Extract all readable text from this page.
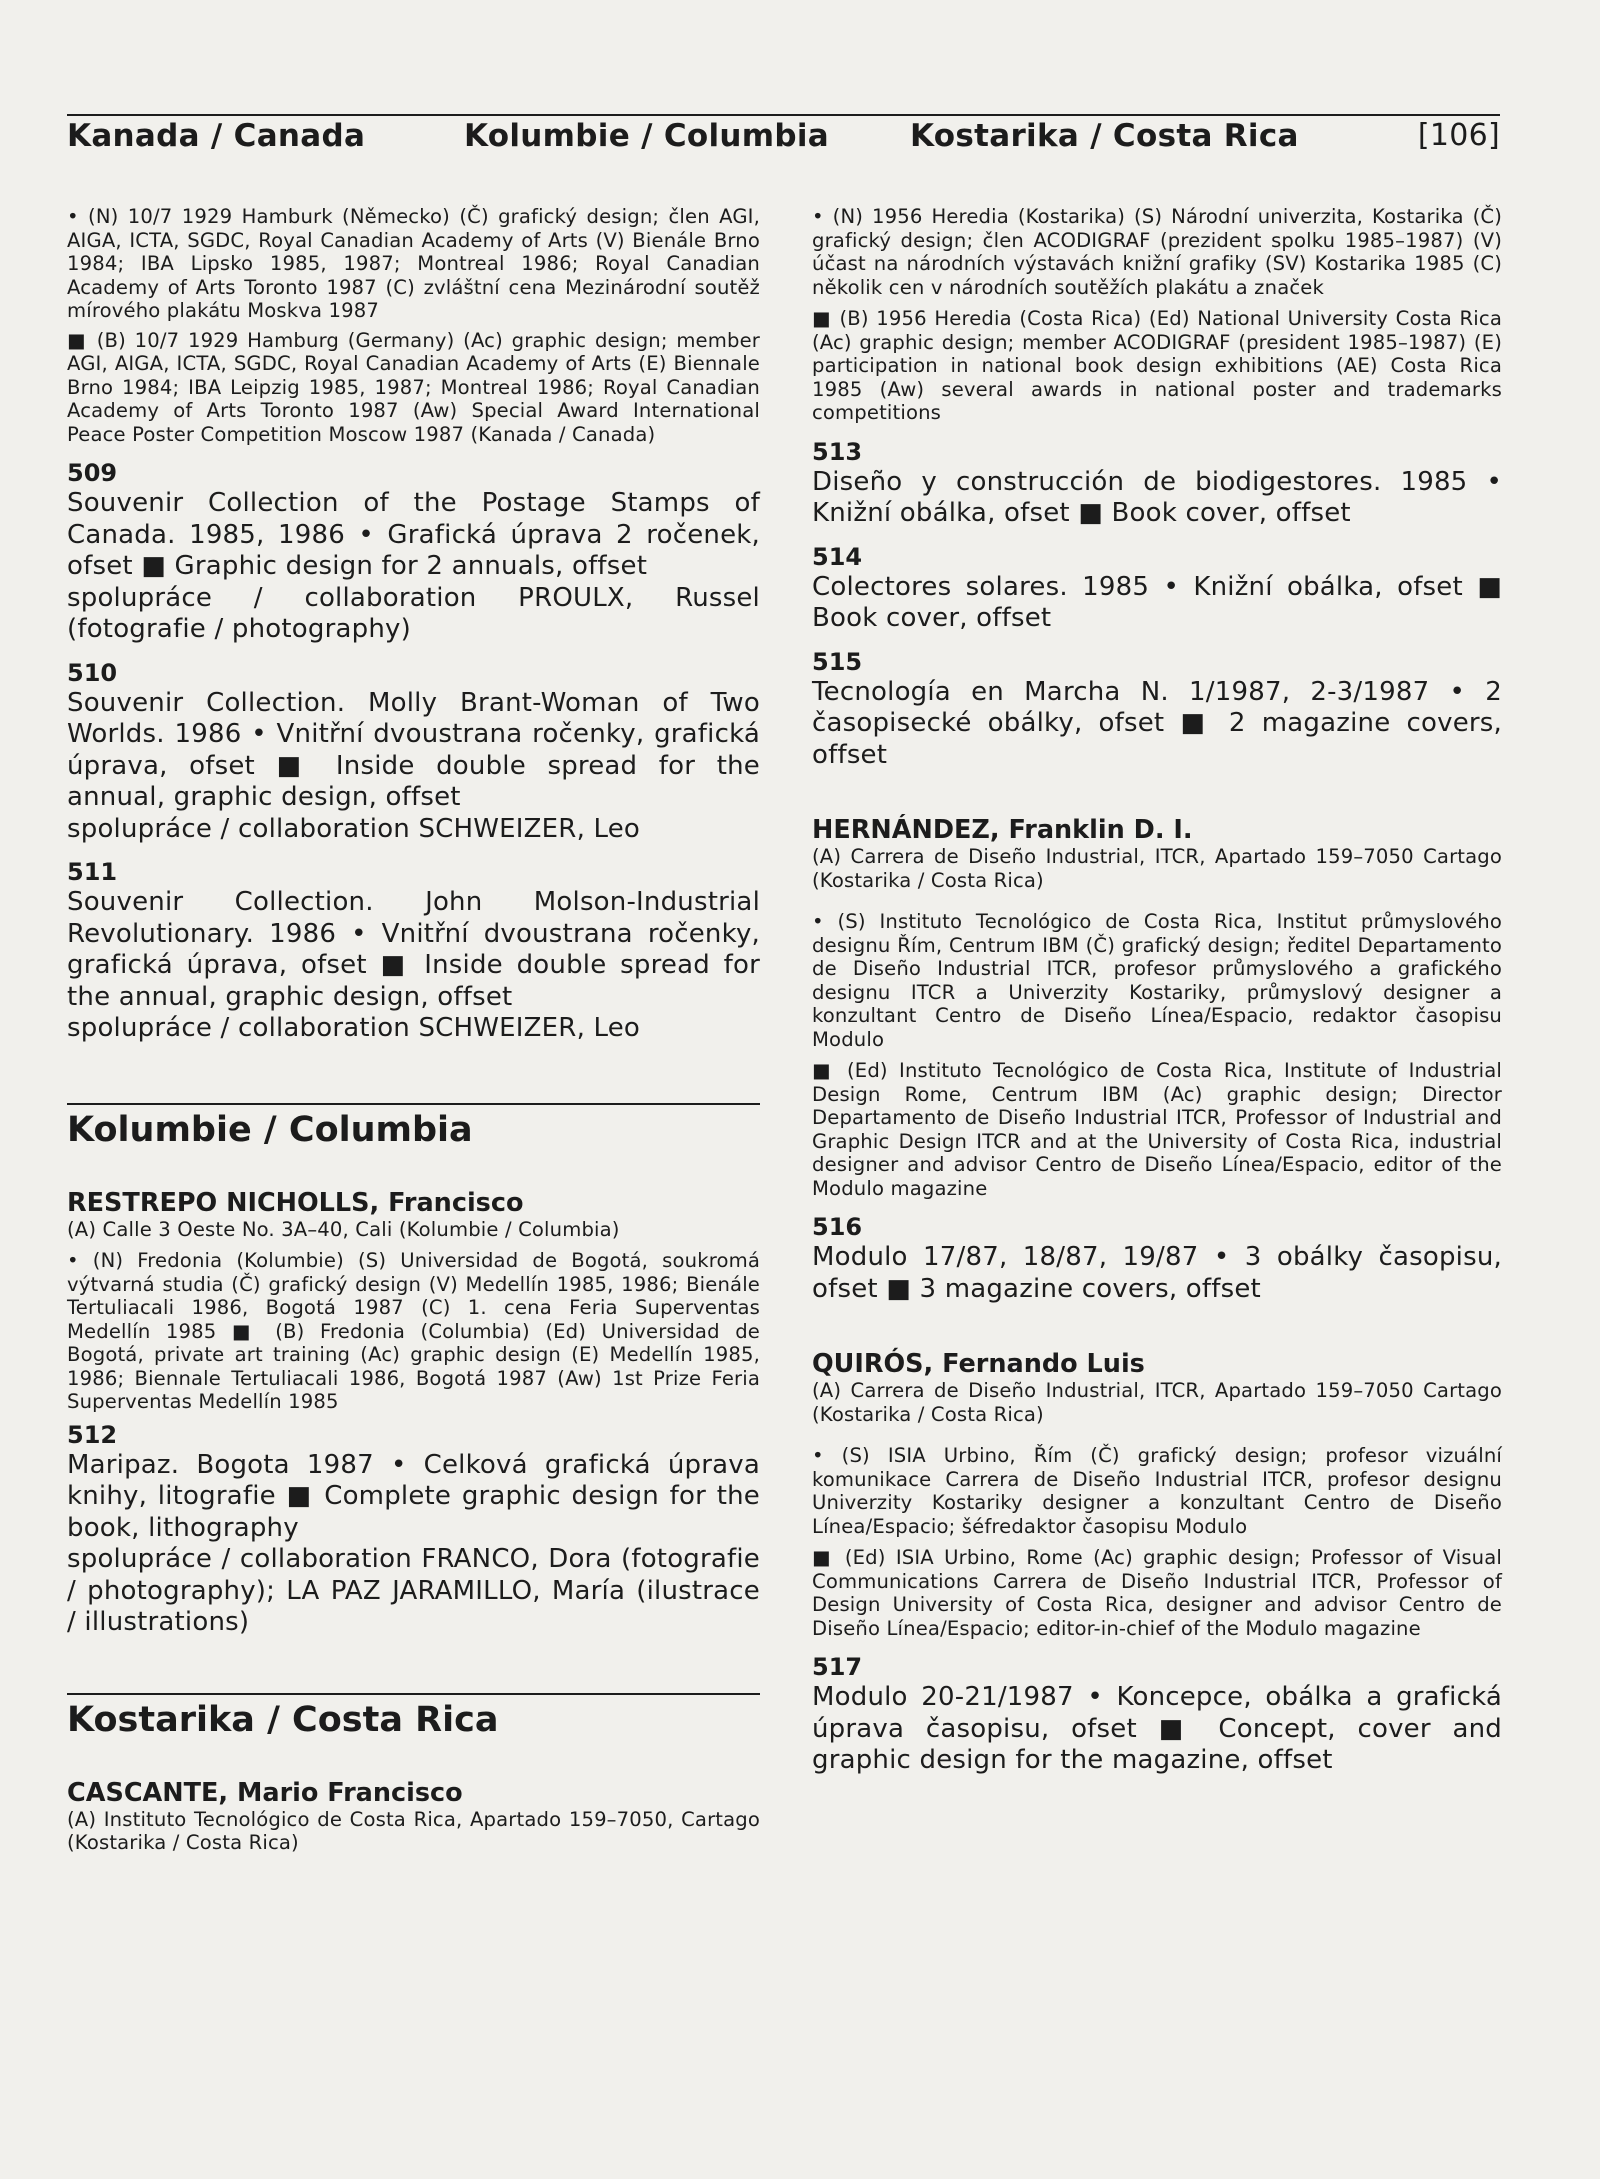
Kanada / Canada	Kolumbie / Columbia	Kostarika / Costa Rica	[106]

• (N) 10/7 1929 Hamburk (Německo) (Č) grafický design; člen AGI, AIGA, ICTA, SGDC, Royal Canadian Academy of Arts (V) Bienále Brno 1984; IBA Lipsko 1985, 1987; Montreal 1986; Royal Canadian Academy of Arts Toronto 1987 (C) zvláštní cena Mezinárodní soutěž mírového plakátu Moskva 1987

■ (B) 10/7 1929 Hamburg (Germany) (Ac) graphic design; member AGI, AIGA, ICTA, SGDC, Royal Canadian Academy of Arts (E) Biennale Brno 1984; IBA Leipzig 1985, 1987; Montreal 1986; Royal Canadian Academy of Arts Toronto 1987 (Aw) Special Award International Peace Poster Competition Moscow 1987 (Kanada / Canada)

509

Souvenir Collection of the Postage Stamps of Canada. 1985, 1986 • Grafická úprava 2 ročenek, ofset ■ Graphic design for 2 annuals, offset

spolupráce / collaboration PROULX, Russel (fotografie / photography)

510

Souvenir Collection. Molly Brant-Woman of Two Worlds. 1986 • Vnitřní dvoustrana ročenky, grafická úprava, ofset ■ Inside double spread for the annual, graphic design, offset

spolupráce / collaboration SCHWEIZER, Leo

511

Souvenir Collection. John Molson-Industrial Revolutionary. 1986 • Vnitřní dvoustrana ročenky, grafická úprava, ofset ■ Inside double spread for the annual, graphic design, offset

spolupráce / collaboration SCHWEIZER, Leo

Kolumbie / Columbia
RESTREPO NICHOLLS, Francisco

(A) Calle 3 Oeste No. 3A–40, Cali (Kolumbie / Columbia)

• (N) Fredonia (Kolumbie) (S) Universidad de Bogotá, soukromá výtvarná studia (Č) grafický design (V) Medellín 1985, 1986; Bienále Tertuliacali 1986, Bogotá 1987 (C) 1. cena Feria Superventas Medellín 1985 ■ (B) Fredonia (Columbia) (Ed) Universidad de Bogotá, private art training (Ac) graphic design (E) Medellín 1985, 1986; Biennale Tertuliacali 1986, Bogotá 1987 (Aw) 1st Prize Feria Superventas Medellín 1985

512

Maripaz. Bogota 1987 • Celková grafická úprava knihy, litografie ■ Complete graphic design for the book, lithography

spolupráce / collaboration FRANCO, Dora (fotografie / photography); LA PAZ JARAMILLO, María (ilustrace / illustrations)

Kostarika / Costa Rica
CASCANTE, Mario Francisco

(A) Instituto Tecnológico de Costa Rica, Apartado 159–7050, Cartago (Kostarika / Costa Rica)

• (N) 1956 Heredia (Kostarika) (S) Národní univerzita, Kostarika (Č) grafický design; člen ACODIGRAF (prezident spolku 1985–1987) (V) účast na národních výstavách knižní grafiky (SV) Kostarika 1985 (C) několik cen v národních soutěžích plakátu a značek

■ (B) 1956 Heredia (Costa Rica) (Ed) National University Costa Rica (Ac) graphic design; member ACODIGRAF (president 1985–1987) (E) participation in national book design exhibitions (AE) Costa Rica 1985 (Aw) several awards in national poster and trademarks competitions

513

Diseño y construcción de biodigestores. 1985 • Knižní obálka, ofset ■ Book cover, offset

514

Colectores solares. 1985 • Knižní obálka, ofset ■ Book cover, offset

515

Tecnología en Marcha N. 1/1987, 2-3/1987 • 2 časopisecké obálky, ofset ■ 2 magazine covers, offset

HERNÁNDEZ, Franklin D. I.

(A) Carrera de Diseño Industrial, ITCR, Apartado 159–7050 Cartago (Kostarika / Costa Rica)

• (S) Instituto Tecnológico de Costa Rica, Institut průmyslového designu Řím, Centrum IBM (Č) grafický design; ředitel Departamento de Diseño Industrial ITCR, profesor průmyslového a grafického designu ITCR a Univerzity Kostariky, průmyslový designer a konzultant Centro de Diseño Línea/Espacio, redaktor časopisu Modulo

■ (Ed) Instituto Tecnológico de Costa Rica, Institute of Industrial Design Rome, Centrum IBM (Ac) graphic design; Director Departamento de Diseño Industrial ITCR, Professor of Industrial and Graphic Design ITCR and at the University of Costa Rica, industrial designer and advisor Centro de Diseño Línea/Espacio, editor of the Modulo magazine

516

Modulo 17/87, 18/87, 19/87 • 3 obálky časopisu, ofset ■ 3 magazine covers, offset

QUIRÓS, Fernando Luis

(A) Carrera de Diseño Industrial, ITCR, Apartado 159–7050 Cartago (Kostarika / Costa Rica)

• (S) ISIA Urbino, Řím (Č) grafický design; profesor vizuální komunikace Carrera de Diseño Industrial ITCR, profesor designu Univerzity Kostariky designer a konzultant Centro de Diseño Línea/Espacio; šéfredaktor časopisu Modulo

■ (Ed) ISIA Urbino, Rome (Ac) graphic design; Professor of Visual Communications Carrera de Diseño Industrial ITCR, Professor of Design University of Costa Rica, designer and advisor Centro de Diseño Línea/Espacio; editor-in-chief of the Modulo magazine

517

Modulo 20-21/1987 • Koncepce, obálka a grafická úprava časopisu, ofset ■ Concept, cover and graphic design for the magazine, offset
